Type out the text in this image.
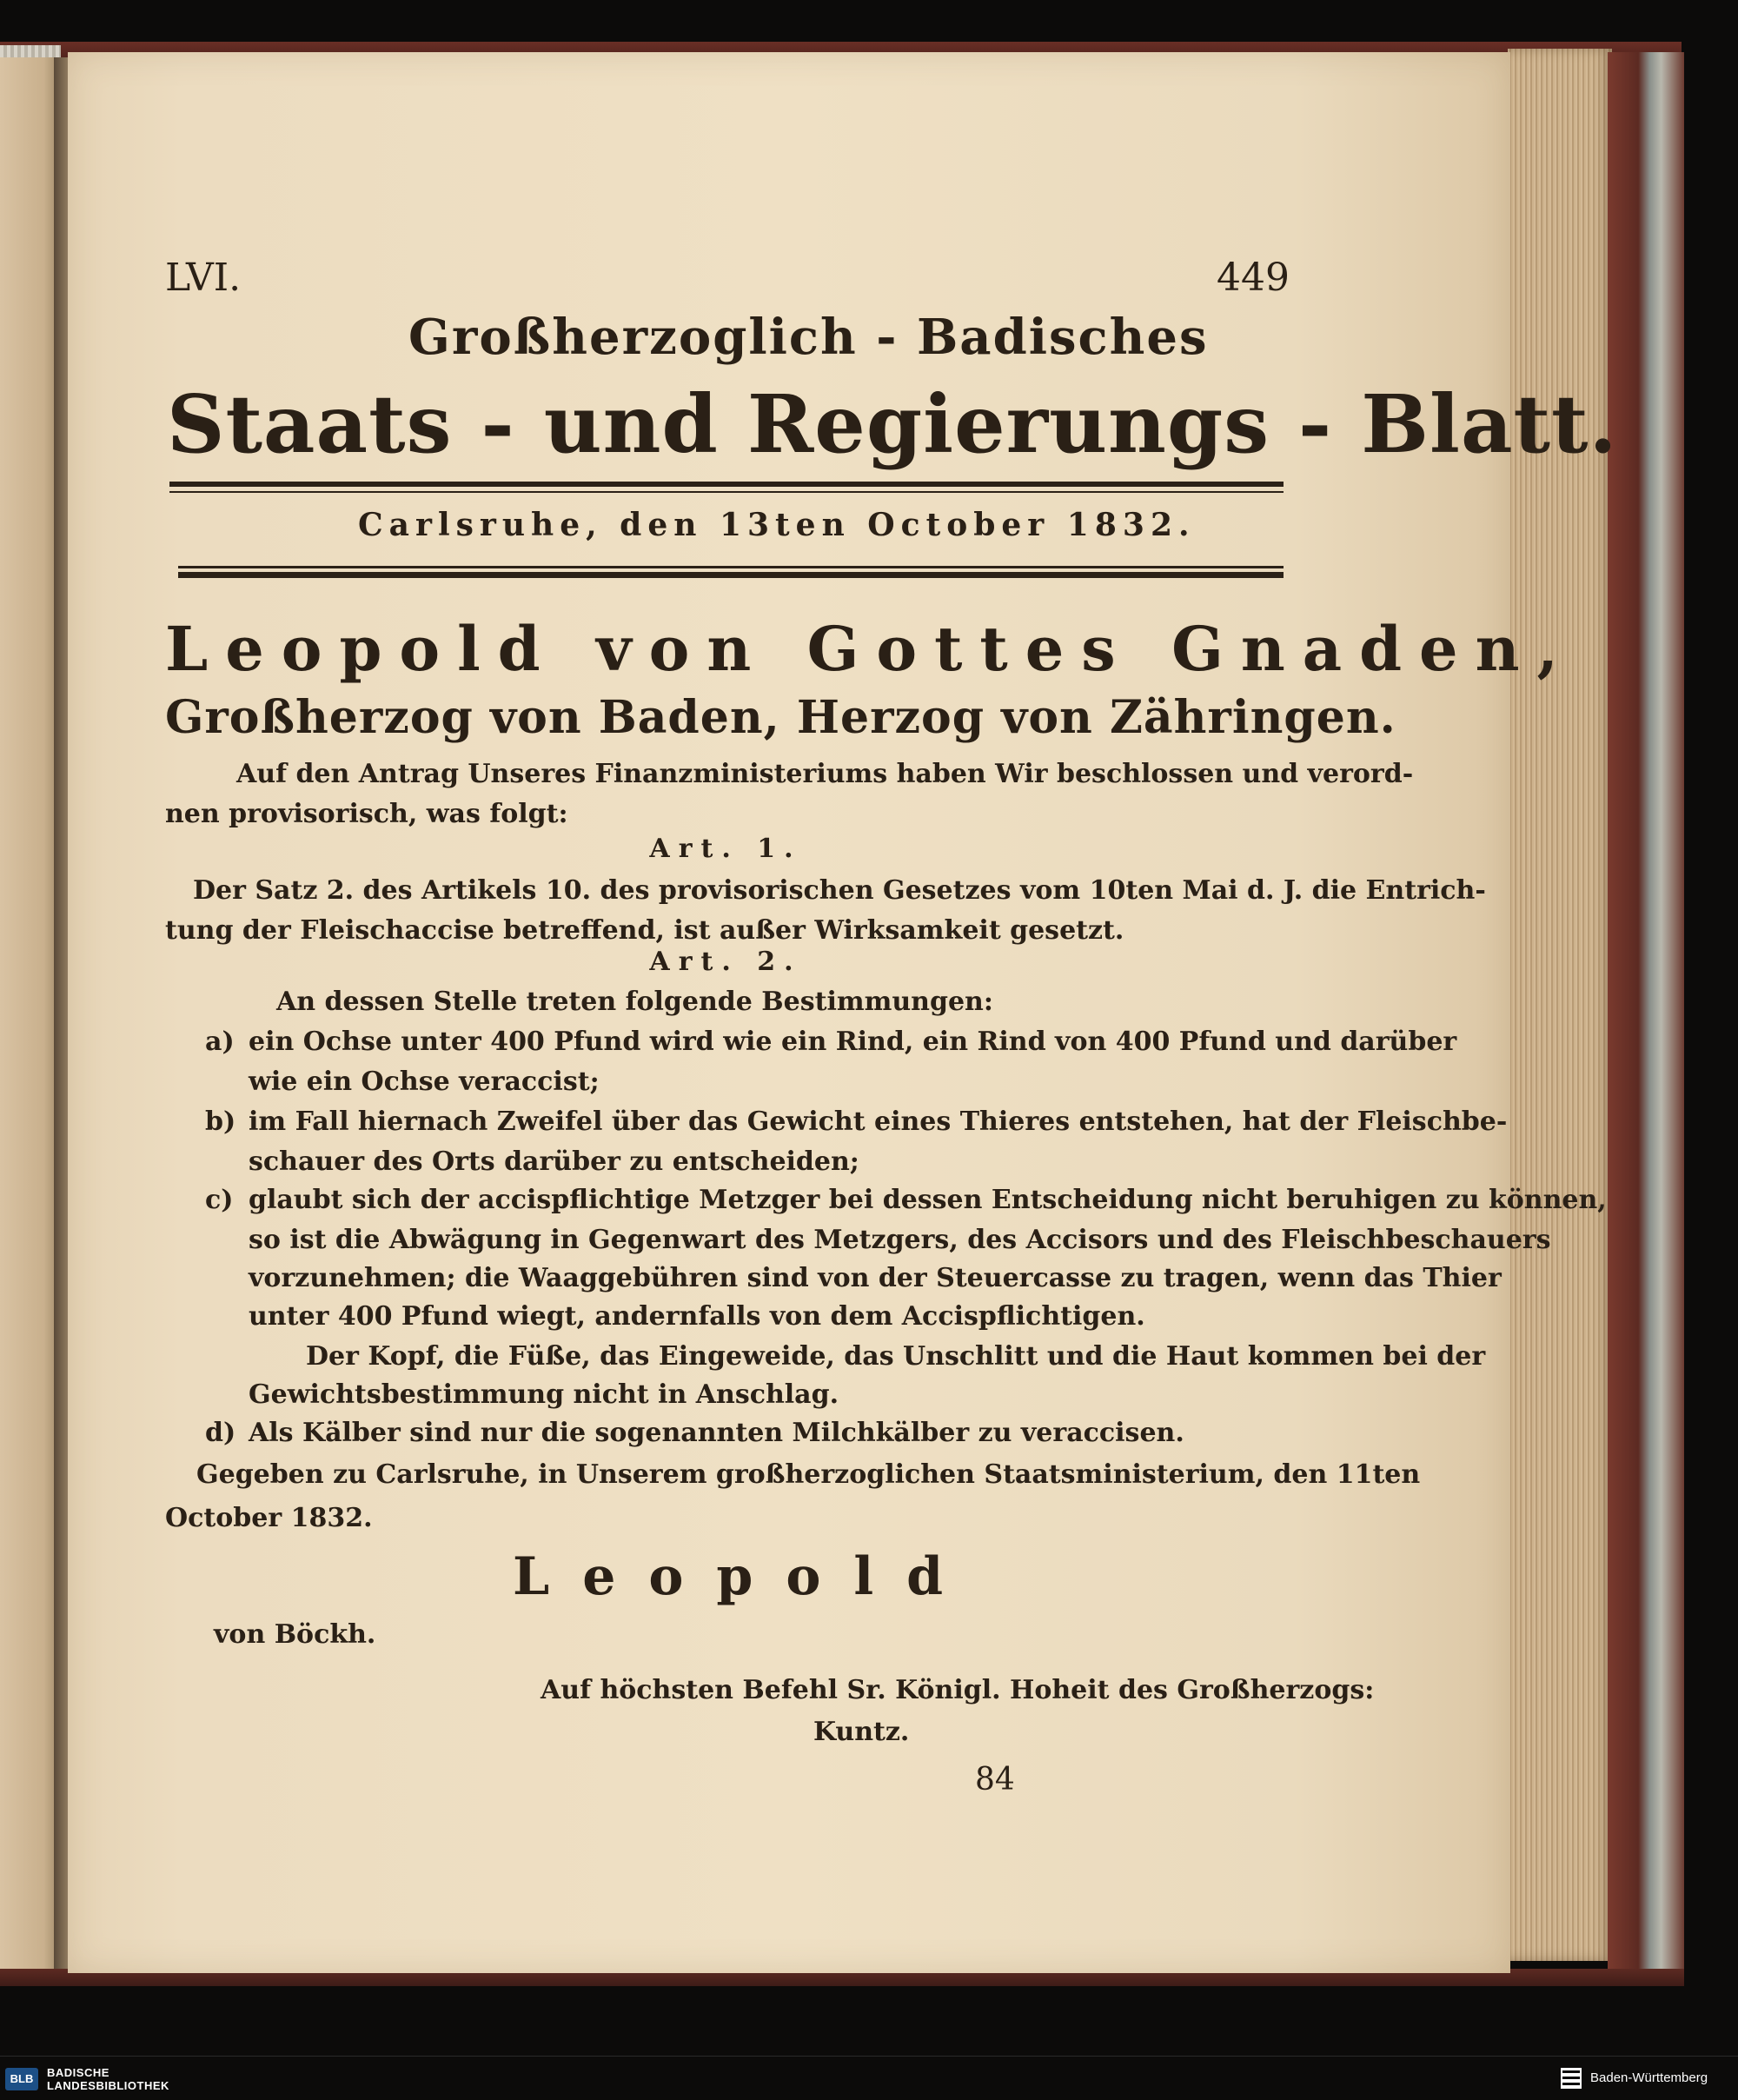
LVI.	449
Großherzoglich - Badisches
Staats - und Regierungs - Blatt.
Carlsruhe, den 13ten October 1832.
Leopold von Gottes Gnaden,
Großherzog von Baden, Herzog von Zähringen.
Auf den Antrag Unseres Finanzministeriums haben Wir beschlossen und verord-
nen provisorisch, was folgt:
Art. 1.
Der Satz 2. des Artikels 10. des provisorischen Gesetzes vom 10ten Mai d. J. die Entrich-
tung der Fleischaccise betreffend, ist außer Wirksamkeit gesetzt.
Art. 2.
An dessen Stelle treten folgende Bestimmungen:
a) ein Ochse unter 400 Pfund wird wie ein Rind, ein Rind von 400 Pfund und darüber
wie ein Ochse veraccist;
b) im Fall hiernach Zweifel über das Gewicht eines Thieres entstehen, hat der Fleischbe-
schauer des Orts darüber zu entscheiden;
c) glaubt sich der accispflichtige Metzger bei dessen Entscheidung nicht beruhigen zu können,
so ist die Abwägung in Gegenwart des Metzgers, des Accisors und des Fleischbeschauers
vorzunehmen; die Waaggebühren sind von der Steuercasse zu tragen, wenn das Thier
unter 400 Pfund wiegt, andernfalls von dem Accispflichtigen.
Der Kopf, die Füße, das Eingeweide, das Unschlitt und die Haut kommen bei der
Gewichtsbestimmung nicht in Anschlag.
d) Als Kälber sind nur die sogenannten Milchkälber zu veraccisen.
Gegeben zu Carlsruhe, in Unserem großherzoglichen Staatsministerium, den 11ten
October 1832.
Leopold
von Böckh.
Auf höchsten Befehl Sr. Königl. Hoheit des Großherzogs:
Kuntz.
84
BLB	BADISCHE
LANDESBIBLIOTHEK
Baden-Württemberg
